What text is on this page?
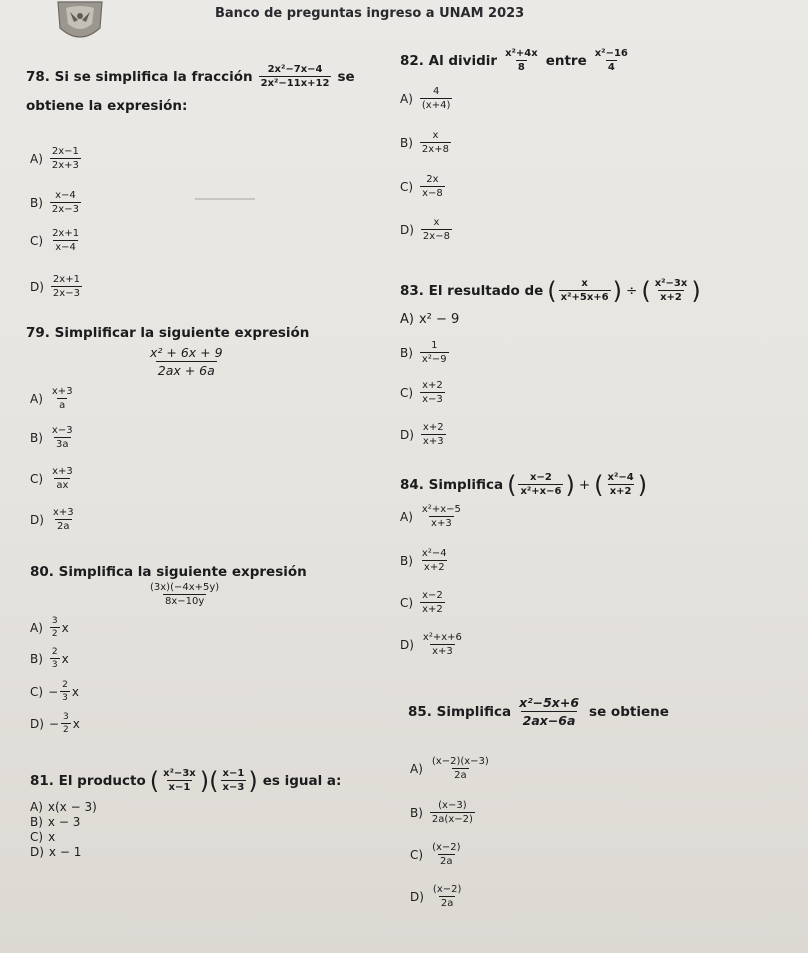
Banco de preguntas ingreso a UNAM 2023
78. Si se simplifica la fracción $\frac{\text{2x²−7x−4}}{\text{2x²−11x+12}}$ se
obtiene la expresión:
$A) \frac{2x-1}{2x+3}$
$B) \frac{x-4}{2x-3}$
$C) \frac{2x+1}{x-4}$
$D) \frac{2x+1}{2x-3}$
79. Simplificar la siguiente expresión
$\frac{\text{x² + 6x + 9}}{2ax + 6a}$
$A) \frac{x+3}{a}$
$B) \frac{x-3}{3a}$
$C) \frac{x+3}{ax}$
$D) \frac{x+3}{2a}$
80. Simplifica la siguiente expresión
$\frac{(3x)(-4x+5y)}{8x-10y}$
$A) \frac{3}{2}$ x
$B) \frac{2}{3}$ x
$C) - \frac{2}{3}$ x
$D) - \frac{3}{2}$ x
81. El producto ( $\frac{\text{x²−3x}}{x-1}$ ) ( $\frac{x-1}{x-3}$ ) es igual a:
A) x(x − 3)
B) x − 3
C) x
D) x − 1
82. Al dividir $\frac{\text{x²+4x}}{8}$ entre $\frac{\text{x²−16}}{4}$
$A) \frac{4}{(x+4)}$
$B) \frac{x}{2x+8}$
$C) \frac{2x}{x-8}$
$D) \frac{x}{2x-8}$
83. El resultado de ( $\frac{x}{\text{x²+5x+6}}$ ) ÷ ( $\frac{\text{x²−3x}}{x+2}$ )
A) x² − 9
$B) \frac{1}{\text{x²−9}}$
$C) \frac{x+2}{x-3}$
$D) \frac{x+2}{x+3}$
84. Simplifica ( $\frac{x-2}{\text{x²+x−6}}$ ) + ( $\frac{\text{x²−4}}{x+2}$ )
$A) \frac{\text{x²+x−5}}{x+3}$
$B) \frac{\text{x²−4}}{x+2}$
$C) \frac{x-2}{x+2}$
$D) \frac{\text{x²+x+6}}{x+3}$
85. Simplifica $\frac{\text{x²−5x+6}}{2ax-6a}$ se obtiene
$A) \frac{(x-2)(x-3)}{2a}$
$B) \frac{(x-3)}{2a(x-2)}$
$C) \frac{(x-2)}{2a}$
$D) \frac{(x-2)}{2a}$
